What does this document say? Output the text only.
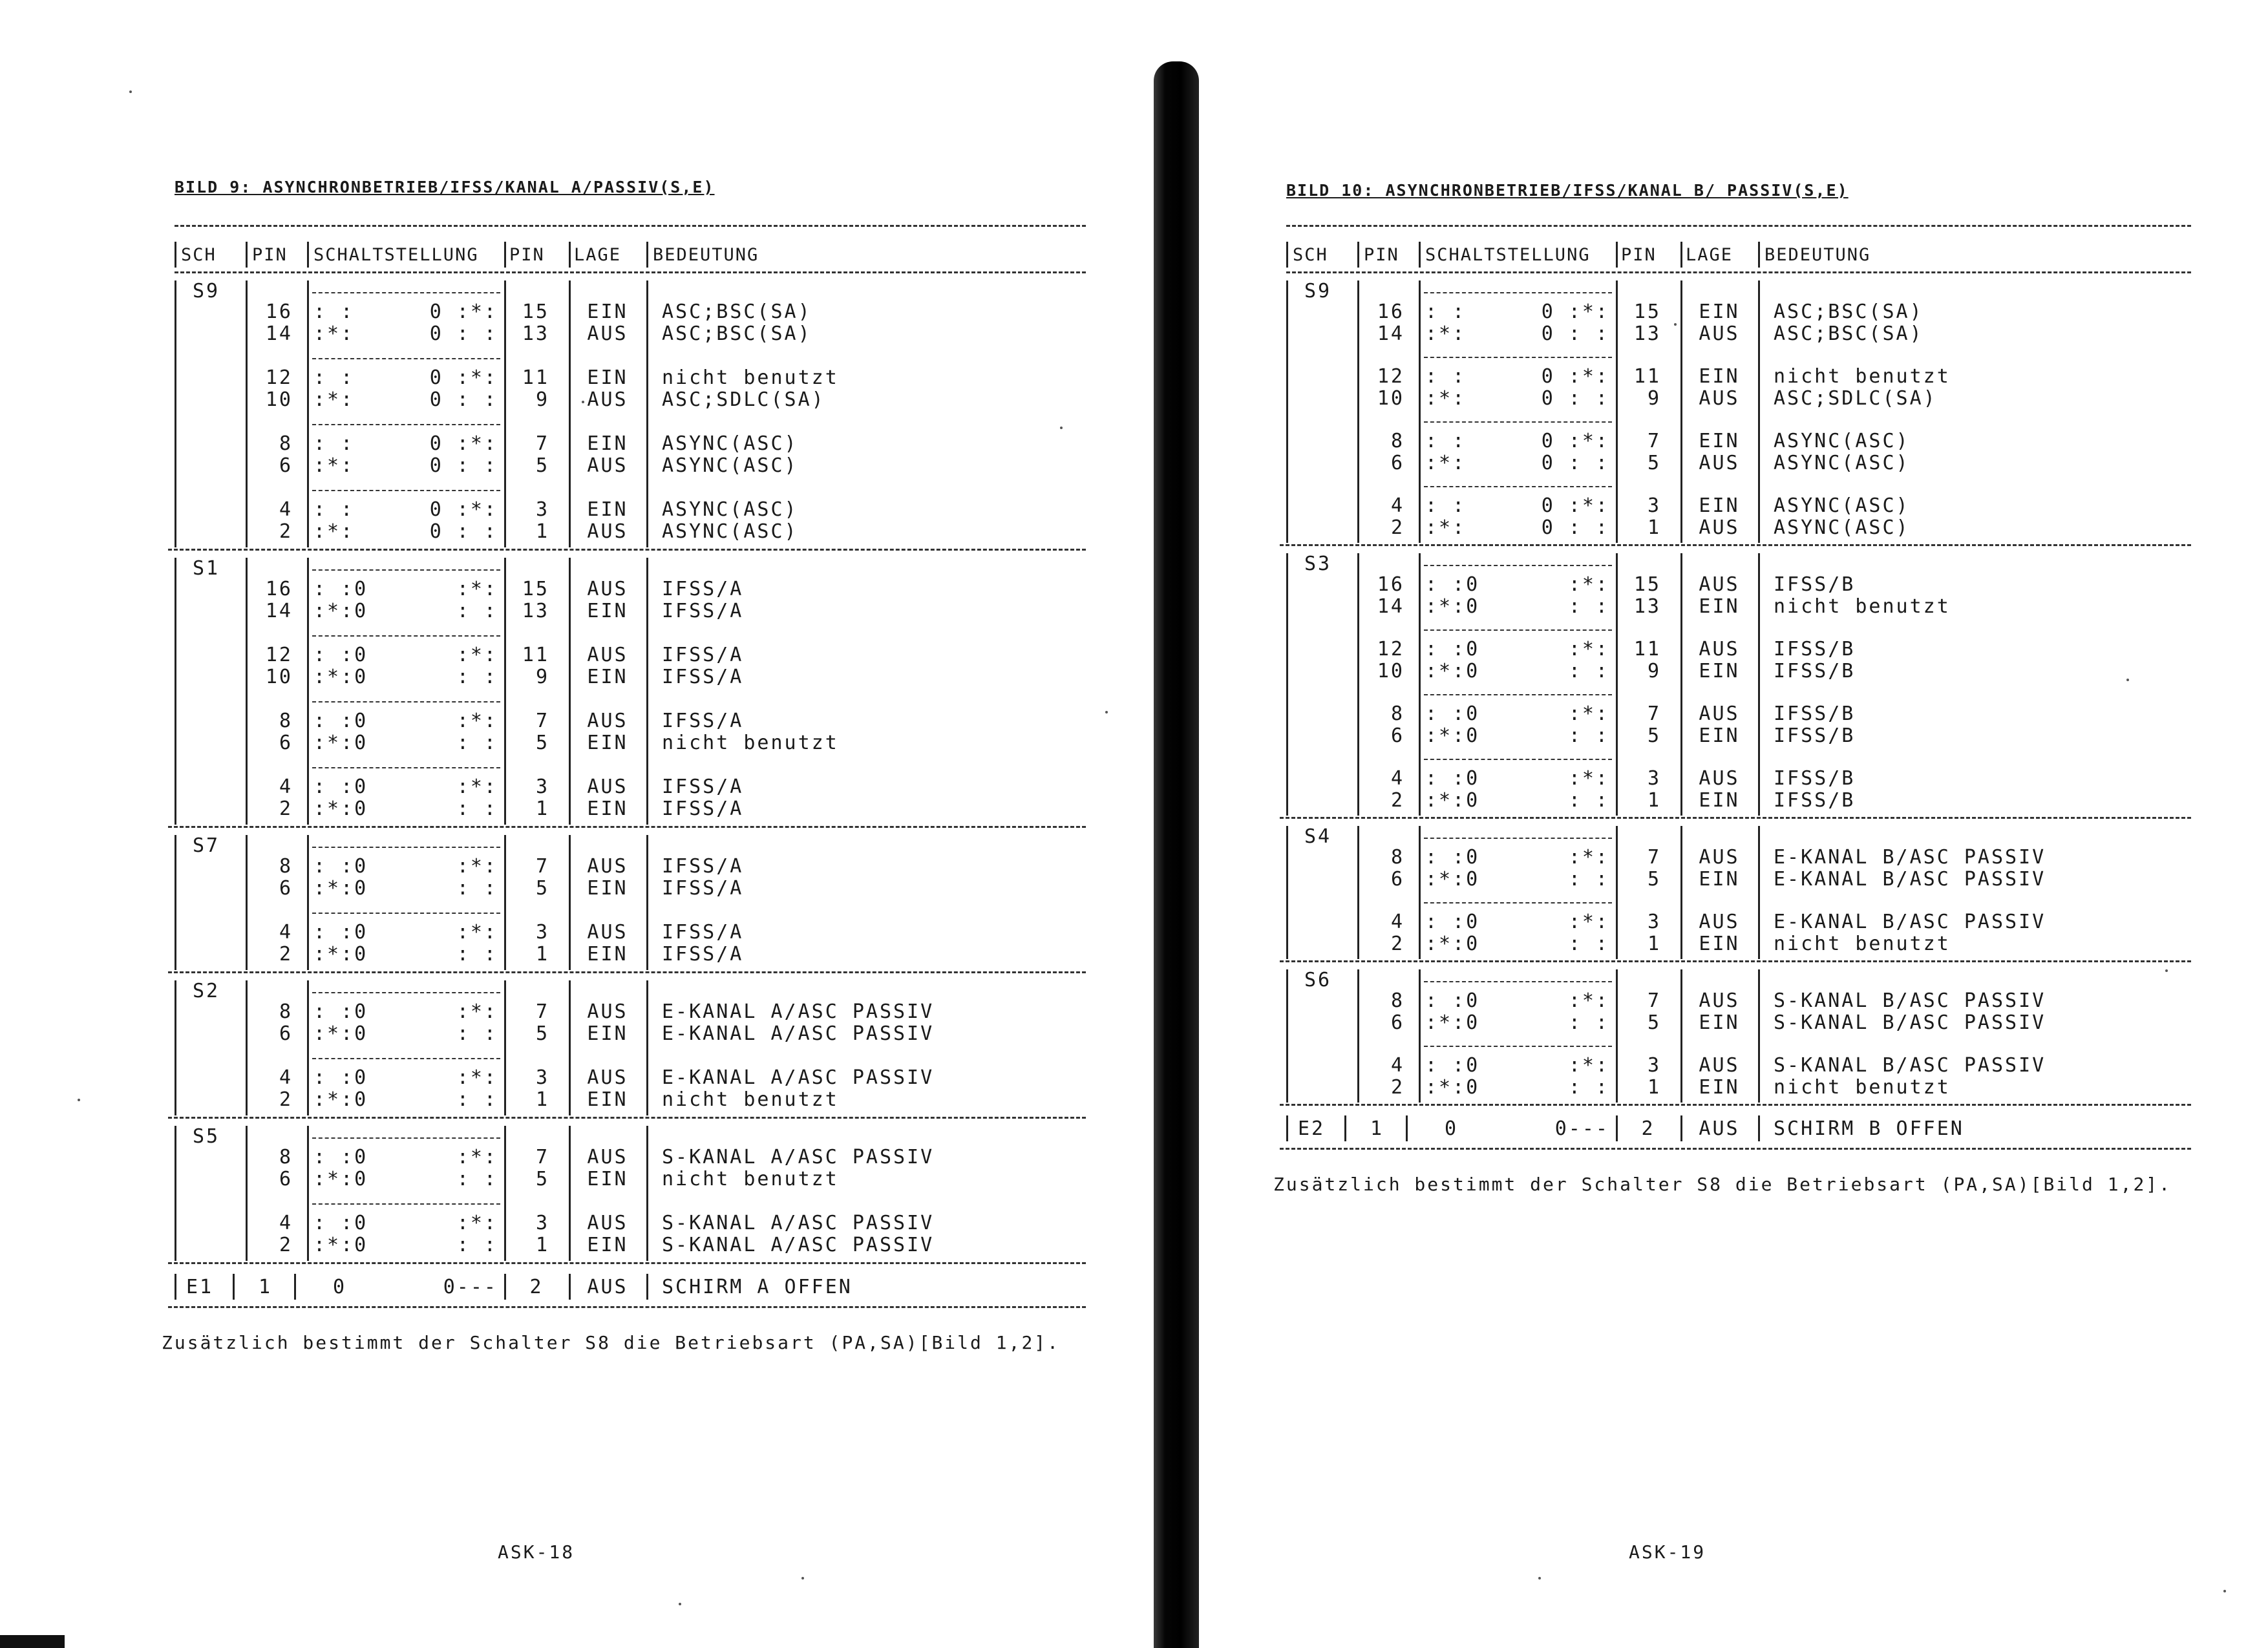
BILD 9: ASYNCHRONBETRIEB/IFSS/KANAL A/PASSIV(S,E)
SCH PIN SCHALTSTELLUNG PIN LAGE BEDEUTUNG
S9
16 : :	0 :*:	15	EIN	ASC;BSC(SA)
14 :*:	0 : :	13	AUS	ASC;BSC(SA)
12 : :	0 :*:	11	EIN	nicht benutzt
10 :*:	0 : :	9	AUS	ASC;SDLC(SA)
8 : :	0 :*:	7	EIN	ASYNC(ASC)
6 :*:	0 : :	5	AUS	ASYNC(ASC)
4 : :	0 :*:	3	EIN	ASYNC(ASC)
2 :*:	0 : :	1	AUS	ASYNC(ASC)
S1
16 : :0	:*:	15	AUS	IFSS/A
14 :*:0	: :	13	EIN	IFSS/A
12 : :0	:*:	11	AUS	IFSS/A
10 :*:0	: :	9	EIN	IFSS/A
8 : :0	:*:	7	AUS	IFSS/A
6 :*:0	: :	5	EIN	nicht benutzt
4 : :0	:*:	3	AUS	IFSS/A
2 :*:0	: :	1	EIN	IFSS/A
S7
8 : :0	:*:	7	AUS	IFSS/A
6 :*:0	: :	5	EIN	IFSS/A
4 : :0	:*:	3	AUS	IFSS/A
2 :*:0	: :	1	EIN	IFSS/A
S2
8 : :0	:*:	7	AUS	E-KANAL A/ASC PASSIV
6 :*:0	: :	5	EIN	E-KANAL A/ASC PASSIV
4 : :0	:*:	3	AUS	E-KANAL A/ASC PASSIV
2 :*:0	: :	1	EIN	nicht benutzt
S5
8 : :0	:*:	7	AUS	S-KANAL A/ASC PASSIV
6 :*:0	: :	5	EIN	nicht benutzt
4 : :0	:*:	3	AUS	S-KANAL A/ASC PASSIV
2 :*:0	: :	1	EIN	S-KANAL A/ASC PASSIV
E1 1	0	0---	2	AUS	SCHIRM A OFFEN
Zusätzlich bestimmt der Schalter S8 die Betriebsart (PA,SA)[Bild 1,2].
ASK-18
BILD 10: ASYNCHRONBETRIEB/IFSS/KANAL B/ PASSIV(S,E)
SCH PIN SCHALTSTELLUNG PIN LAGE BEDEUTUNG
S9
16 : :	0 :*:	15	EIN	ASC;BSC(SA)
14 :*:	0 : :	13	AUS	ASC;BSC(SA)
12 : :	0 :*:	11	EIN	nicht benutzt
10 :*:	0 : :	9	AUS	ASC;SDLC(SA)
8 : :	0 :*:	7	EIN	ASYNC(ASC)
6 :*:	0 : :	5	AUS	ASYNC(ASC)
4 : :	0 :*:	3	EIN	ASYNC(ASC)
2 :*:	0 : :	1	AUS	ASYNC(ASC)
S3
16 : :0	:*:	15	AUS	IFSS/B
14 :*:0	: :	13	EIN	nicht benutzt
12 : :0	:*:	11	AUS	IFSS/B
10 :*:0	: :	9	EIN	IFSS/B
8 : :0	:*:	7	AUS	IFSS/B
6 :*:0	: :	5	EIN	IFSS/B
4 : :0	:*:	3	AUS	IFSS/B
2 :*:0	: :	1	EIN	IFSS/B
S4
8 : :0	:*:	7	AUS	E-KANAL B/ASC PASSIV
6 :*:0	: :	5	EIN	E-KANAL B/ASC PASSIV
4 : :0	:*:	3	AUS	E-KANAL B/ASC PASSIV
2 :*:0	: :	1	EIN	nicht benutzt
S6
8 : :0	:*:	7	AUS	S-KANAL B/ASC PASSIV
6 :*:0	: :	5	EIN	S-KANAL B/ASC PASSIV
4 : :0	:*:	3	AUS	S-KANAL B/ASC PASSIV
2 :*:0	: :	1	EIN	nicht benutzt
E2 1	0	0---	2	AUS	SCHIRM B OFFEN
Zusätzlich bestimmt der Schalter S8 die Betriebsart (PA,SA)[Bild 1,2].
ASK-19
